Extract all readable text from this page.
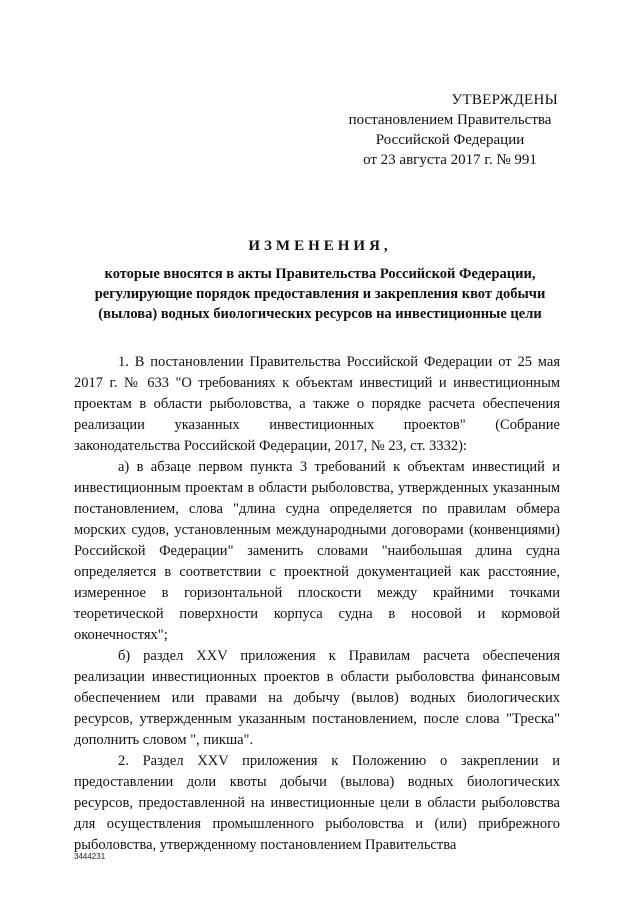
УТВЕРЖДЕНЫ
постановлением Правительства
Российской Федерации
от 23 августа 2017 г. № 991
ИЗМЕНЕНИЯ,
которые вносятся в акты Правительства Российской Федерации,
регулирующие порядок предоставления и закрепления квот добычи
(вылова) водных биологических ресурсов на инвестиционные цели

1. В постановлении Правительства Российской Федерации от 25 мая 2017 г. № 633 "О требованиях к объектам инвестиций и инвестиционным проектам в области рыболовства, а также о порядке расчета обеспечения реализации указанных инвестиционных проектов" (Собрание законодательства Российской Федерации, 2017, № 23, ст. 3332):

а) в абзаце первом пункта 3 требований к объектам инвестиций и инвестиционным проектам в области рыболовства, утвержденных указанным постановлением, слова "длина судна определяется по правилам обмера морских судов, установленным международными договорами (конвенциями) Российской Федерации" заменить словами "наибольшая длина судна определяется в соответствии с проектной документацией как расстояние, измеренное в горизонтальной плоскости между крайними точками теоретической поверхности корпуса судна в носовой и кормовой оконечностях";

б) раздел XXV приложения к Правилам расчета обеспечения реализации инвестиционных проектов в области рыболовства финансовым обеспечением или правами на добычу (вылов) водных биологических ресурсов, утвержденным указанным постановлением, после слова "Треска" дополнить словом ", пикша".

2. Раздел XXV приложения к Положению о закреплении и предоставлении доли квоты добычи (вылова) водных биологических ресурсов, предоставленной на инвестиционные цели в области рыболовства для осуществления промышленного рыболовства и (или) прибрежного рыболовства, утвержденному постановлением Правительства

3444231
